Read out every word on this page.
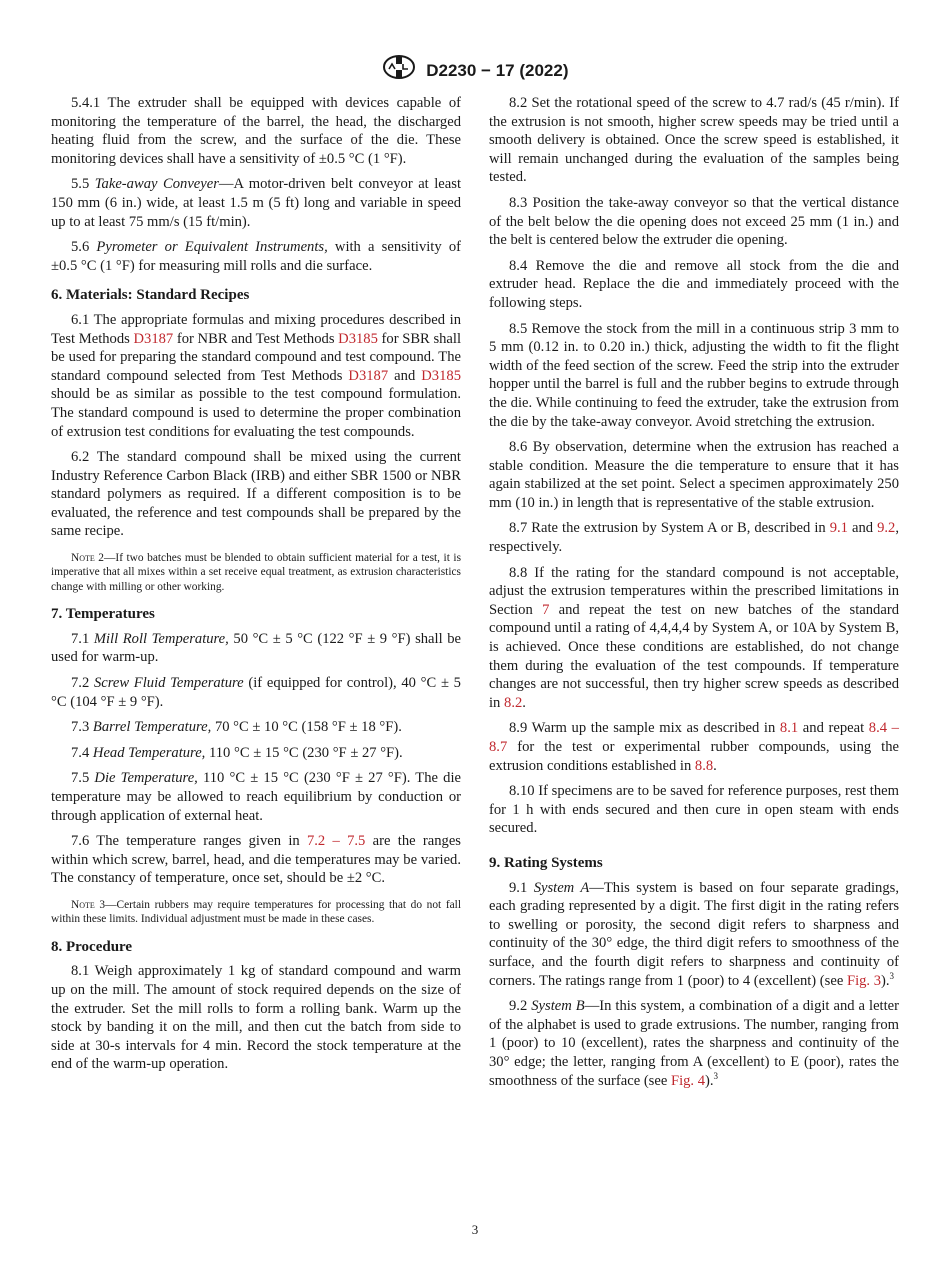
D2230 − 17 (2022)

5.4.1 The extruder shall be equipped with devices capable of monitoring the temperature of the barrel, the head, the discharged heating fluid from the screw, and the surface of the die. These monitoring devices shall have a sensitivity of ±0.5 °C (1 °F).

5.5 Take-away Conveyer—A motor-driven belt conveyor at least 150 mm (6 in.) wide, at least 1.5 m (5 ft) long and variable in speed up to at least 75 mm/s (15 ft/min).

5.6 Pyrometer or Equivalent Instruments, with a sensitivity of ±0.5 °C (1 °F) for measuring mill rolls and die surface.

6. Materials: Standard Recipes

6.1 The appropriate formulas and mixing procedures described in Test Methods D3187 for NBR and Test Methods D3185 for SBR shall be used for preparing the standard compound and test compound. The standard compound selected from Test Methods D3187 and D3185 should be as similar as possible to the test compound formulation. The standard compound is used to determine the proper combination of extrusion test conditions for evaluating the test compounds.

6.2 The standard compound shall be mixed using the current Industry Reference Carbon Black (IRB) and either SBR 1500 or NBR standard polymers as required. If a different composition is to be evaluated, the reference and test compounds shall be prepared by the same recipe.

Note 2—If two batches must be blended to obtain sufficient material for a test, it is imperative that all mixes within a set receive equal treatment, as extrusion characteristics change with milling or other working.

7. Temperatures

7.1 Mill Roll Temperature, 50 °C ± 5 °C (122 °F ± 9 °F) shall be used for warm-up.

7.2 Screw Fluid Temperature (if equipped for control), 40 °C ± 5 °C (104 °F ± 9 °F).

7.3 Barrel Temperature, 70 °C ± 10 °C (158 °F ± 18 °F).

7.4 Head Temperature, 110 °C ± 15 °C (230 °F ± 27 °F).

7.5 Die Temperature, 110 °C ± 15 °C (230 °F ± 27 °F). The die temperature may be allowed to reach equilibrium by conduction or through application of external heat.

7.6 The temperature ranges given in 7.2 – 7.5 are the ranges within which screw, barrel, head, and die temperatures may be varied. The constancy of temperature, once set, should be ±2 °C.

Note 3—Certain rubbers may require temperatures for processing that do not fall within these limits. Individual adjustment must be made in these cases.

8. Procedure

8.1 Weigh approximately 1 kg of standard compound and warm up on the mill. The amount of stock required depends on the size of the extruder. Set the mill rolls to form a rolling bank. Warm up the stock by banding it on the mill, and then cut the batch from side to side at 30-s intervals for 4 min. Record the stock temperature at the end of the warm-up operation.

8.2 Set the rotational speed of the screw to 4.7 rad/s (45 r/min). If the extrusion is not smooth, higher screw speeds may be tried until a smooth delivery is obtained. Once the screw speed is established, it will remain unchanged during the evaluation of the samples being tested.

8.3 Position the take-away conveyor so that the vertical distance of the belt below the die opening does not exceed 25 mm (1 in.) and the belt is centered below the extruder die opening.

8.4 Remove the die and remove all stock from the die and extruder head. Replace the die and immediately proceed with the following steps.

8.5 Remove the stock from the mill in a continuous strip 3 mm to 5 mm (0.12 in. to 0.20 in.) thick, adjusting the width to fit the flight width of the feed section of the screw. Feed the strip into the extruder hopper until the barrel is full and the rubber begins to extrude through the die. While continuing to feed the extruder, take the extrusion from the die by the take-away conveyor. Avoid stretching the extrusion.

8.6 By observation, determine when the extrusion has reached a stable condition. Measure the die temperature to ensure that it has again stabilized at the set point. Select a specimen approximately 250 mm (10 in.) in length that is representative of the stable extrusion.

8.7 Rate the extrusion by System A or B, described in 9.1 and 9.2, respectively.

8.8 If the rating for the standard compound is not acceptable, adjust the extrusion temperatures within the prescribed limitations in Section 7 and repeat the test on new batches of the standard compound until a rating of 4,4,4,4 by System A, or 10A by System B, is achieved. Once these conditions are established, do not change them during the evaluation of the test compounds. If temperature changes are not successful, then try higher screw speeds as described in 8.2.

8.9 Warm up the sample mix as described in 8.1 and repeat 8.4 – 8.7 for the test or experimental rubber compounds, using the extrusion conditions established in 8.8.

8.10 If specimens are to be saved for reference purposes, rest them for 1 h with ends secured and then cure in open steam with ends secured.

9. Rating Systems

9.1 System A—This system is based on four separate gradings, each grading represented by a digit. The first digit in the rating refers to swelling or porosity, the second digit refers to sharpness and continuity of the 30° edge, the third digit refers to smoothness of the surface, and the fourth digit refers to sharpness and continuity of corners. The ratings range from 1 (poor) to 4 (excellent) (see Fig. 3).$^3$

9.2 System B—In this system, a combination of a digit and a letter of the alphabet is used to grade extrusions. The number, ranging from 1 (poor) to 10 (excellent), rates the sharpness and continuity of the 30° edge; the letter, ranging from A (excellent) to E (poor), rates the smoothness of the surface (see Fig. 4).$^3$

3
